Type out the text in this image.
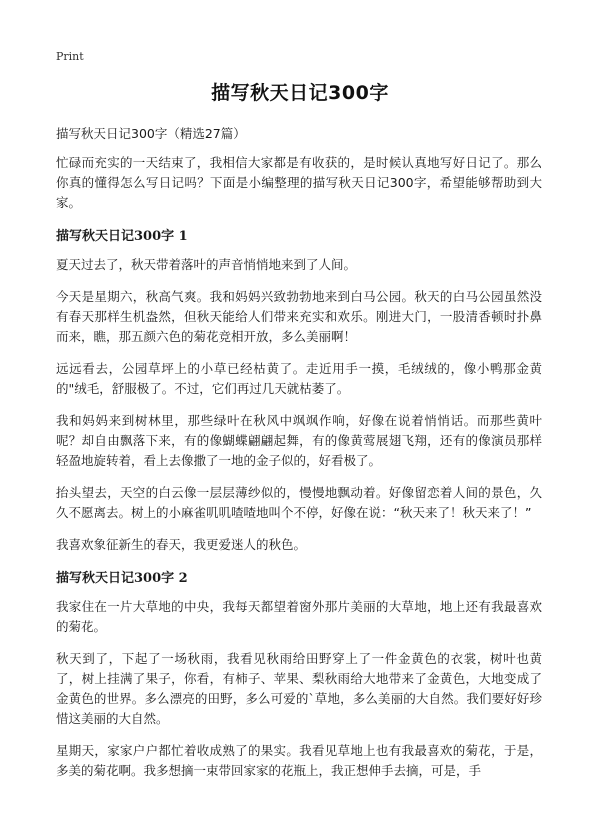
Print
描写秋天日记300字
描写秋天日记300字（精选27篇）

忙碌而充实的一天结束了，我相信大家都是有收获的，是时候认真地写好日记了。那么你真的懂得怎么写日记吗？下面是小编整理的描写秋天日记300字，希望能够帮助到大家。

描写秋天日记300字 1

夏天过去了，秋天带着落叶的声音悄悄地来到了人间。

今天是星期六，秋高气爽。我和妈妈兴致勃勃地来到白马公园。秋天的白马公园虽然没有春天那样生机盎然，但秋天能给人们带来充实和欢乐。刚进大门，一股清香顿时扑鼻而来，瞧，那五颜六色的菊花竞相开放，多么美丽啊！

远远看去，公园草坪上的小草已经枯黄了。走近用手一摸，毛绒绒的，像小鸭那金黄的"绒毛，舒服极了。不过，它们再过几天就枯萎了。

我和妈妈来到树林里，那些绿叶在秋风中飒飒作响，好像在说着悄悄话。而那些黄叶呢？却自由飘落下来，有的像蝴蝶翩翩起舞，有的像黄莺展翅飞翔，还有的像演员那样轻盈地旋转着，看上去像撒了一地的金子似的，好看极了。

抬头望去，天空的白云像一层层薄纱似的，慢慢地飘动着。好像留恋着人间的景色，久久不愿离去。树上的小麻雀叽叽喳喳地叫个不停，好像在说：“秋天来了！秋天来了！”

我喜欢象征新生的春天，我更爱迷人的秋色。

描写秋天日记300字 2

我家住在一片大草地的中央，我每天都望着窗外那片美丽的大草地，地上还有我最喜欢的菊花。

秋天到了，下起了一场秋雨，我看见秋雨给田野穿上了一件金黄色的衣裳，树叶也黄了，树上挂满了果子，你看，有柿子、苹果、梨秋雨给大地带来了金黄色，大地变成了金黄色的世界。多么漂亮的田野，多么可爱的`草地，多么美丽的大自然。我们要好好珍惜这美丽的大自然。

星期天，家家户户都忙着收成熟了的果实。我看见草地上也有我最喜欢的菊花，于是，多美的菊花啊。我多想摘一束带回家家的花瓶上，我正想伸手去摘，可是，手
